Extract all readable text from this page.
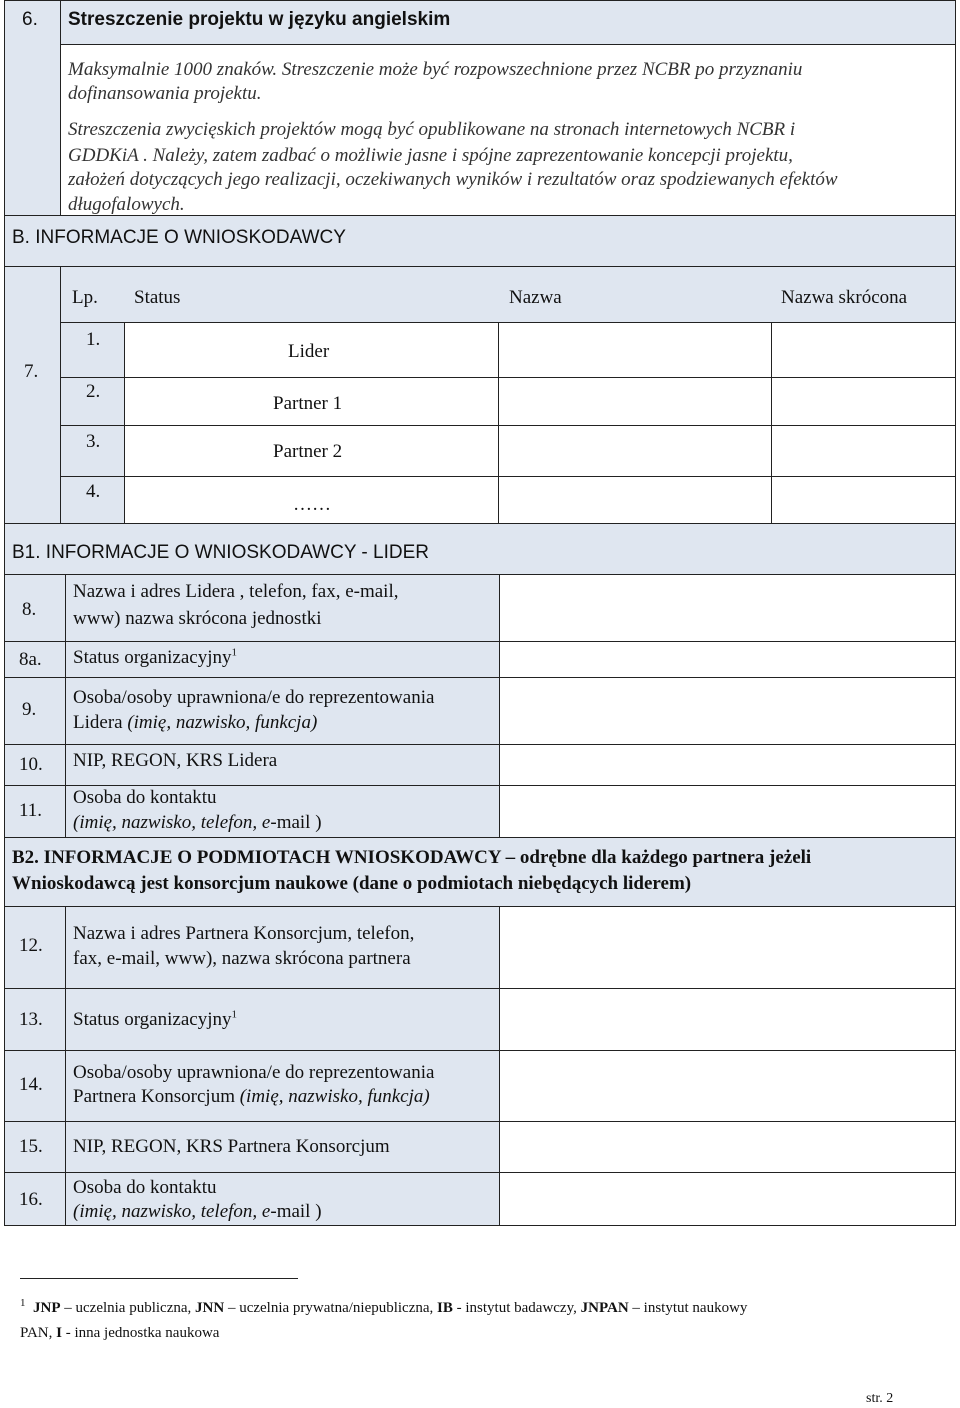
6. Streszczenie projektu w języku angielskim
Maksymalnie 1000 znaków. Streszczenie może być rozpowszechnione przez NCBR po przyznaniu
dofinansowania projektu.
Streszczenia zwycięskich projektów mogą być opublikowane na stronach internetowych NCBR i
GDDKiA . Należy, zatem zadbać o możliwie jasne i spójne zaprezentowanie koncepcji projektu,
założeń dotyczących jego realizacji, oczekiwanych wyników i rezultatów oraz spodziewanych efektów
długofalowych.
B. INFORMACJE O WNIOSKODAWCY
7.
Lp. Status	Nazwa	Nazwa skrócona
1.
2.
3.
4.
Lider
Partner 1
Partner 2
……
B1. INFORMACJE O WNIOSKODAWCY - LIDER
8.
Nazwa i adres Lidera , telefon, fax, e-mail,
www) nazwa skrócona jednostki
8a. Status organizacyjny$^1$
9.
Osoba/osoby uprawniona/e do reprezentowania
Lidera (imię, nazwisko, funkcja)
10. NIP, REGON, KRS Lidera
11.
Osoba do kontaktu
(imię, nazwisko, telefon, e-mail )
B2. INFORMACJE O PODMIOTACH WNIOSKODAWCY – odrębne dla każdego partnera jeżeli
Wnioskodawcą jest konsorcjum naukowe (dane o podmiotach niebędących liderem)
12.
Nazwa i adres Partnera Konsorcjum, telefon,
fax, e-mail, www), nazwa skrócona partnera
13. Status organizacyjny$^1$
14.
Osoba/osoby uprawniona/e do reprezentowania
Partnera Konsorcjum (imię, nazwisko, funkcja)
15. NIP, REGON, KRS Partnera Konsorcjum
16.
Osoba do kontaktu
(imię, nazwisko, telefon, e-mail )
$^1$ JNP – uczelnia publiczna, JNN – uczelnia prywatna/niepubliczna, IB - instytut badawczy, JNPAN – instytut naukowy
PAN, I - inna jednostka naukowa
str. 2
